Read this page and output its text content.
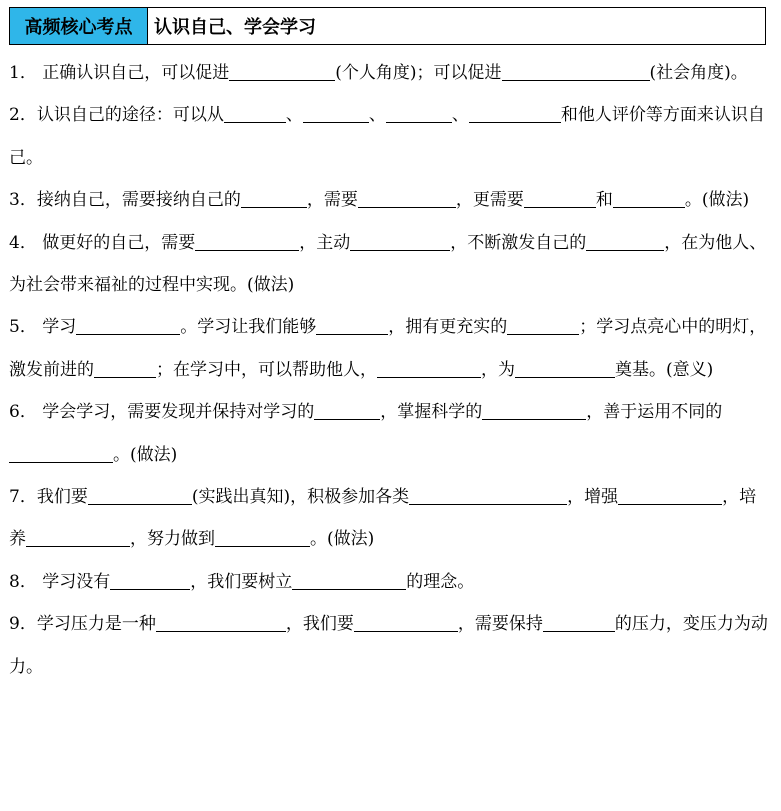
高频核心考点	认识自己、学会学习

1． 正确认识自己，可以促进	(个人角度)；可以促进	(社会角度)。

2．认识自己的途径：可以从	、	、	、	和他人评价等方面来认识自己。

3．接纳自己，需要接纳自己的	，需要	，更需要	和	。(做法)

4． 做更好的自己，需要	，主动	，不断激发自己的	，在为他人、为社会带来福祉的过程中实现。(做法)

5． 学习	。学习让我们能够	，拥有更充实的	；学习点亮心中的明灯，激发前进的	；在学习中，可以帮助他人，	，为	奠基。(意义)

6． 学会学习，需要发现并保持对学习的	，掌握科学的	，善于运用不同的。(做法)

7．我们要	(实践出真知)，积极参加各类	，增强	，培养	，努力做到	。(做法)

8． 学习没有	，我们要树立	的理念。

9．学习压力是一种	，我们要	，需要保持	的压力，变压力为动力。
